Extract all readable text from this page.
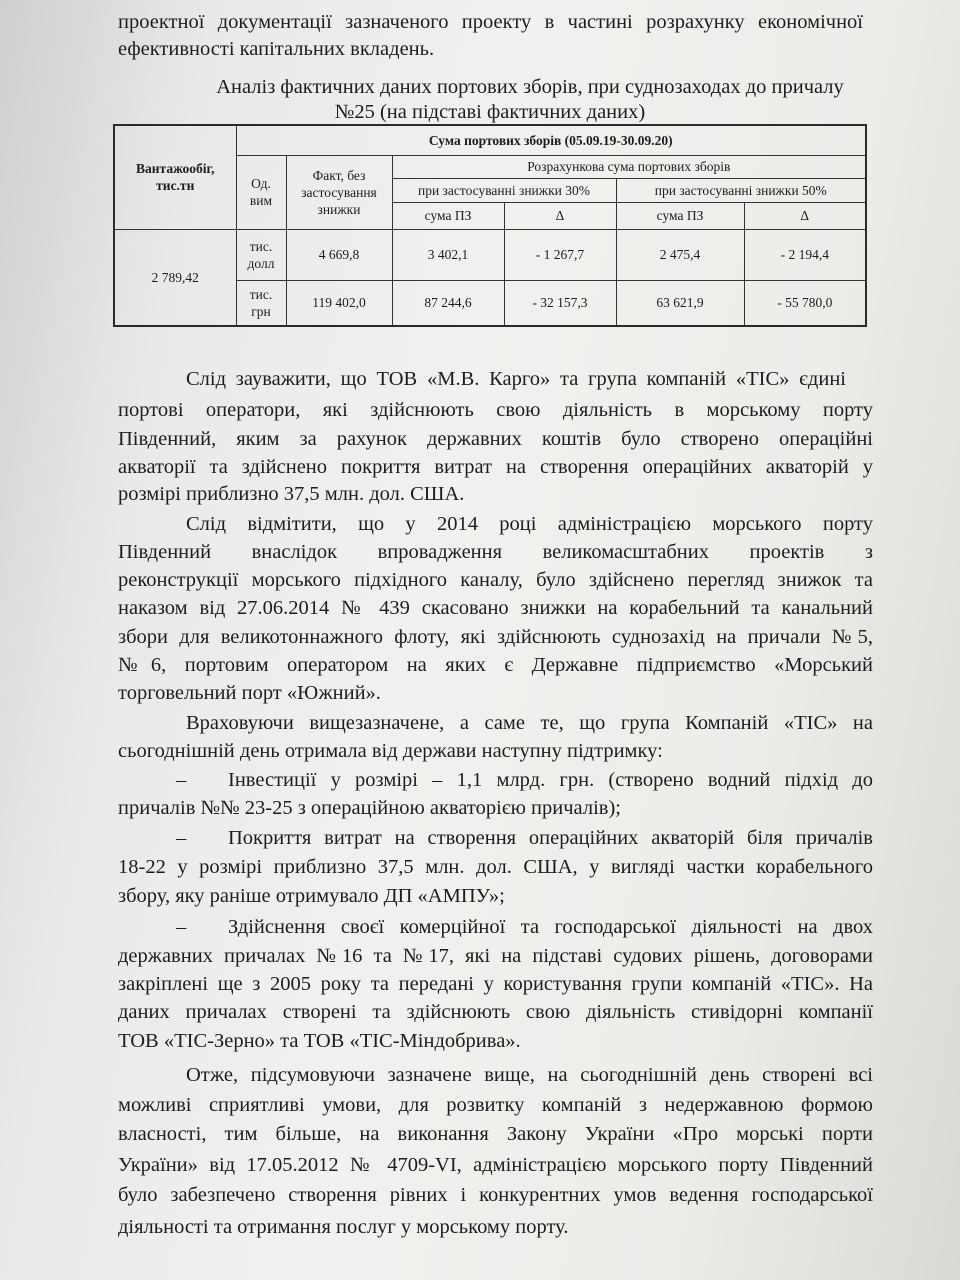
проектної документації зазначеного проекту в частині розрахунку економічної
ефективності капітальних вкладень.
Аналіз фактичних даних портових зборів, при суднозаходах до причалу
№25 (на підставі фактичних даних)
Вантажообіг, тис.тн	Сума портових зборів (05.09.19-30.09.20)					
	Од. вим	Факт, без застосування знижки	Розрахункова сума портових зборів			
			при застосуванні знижки 30%		при застосуванні знижки 50%	
			сума ПЗ	Δ	сума ПЗ	Δ
2 789,42	тис. долл	4 669,8	3 402,1	- 1 267,7	2 475,4	- 2 194,4
	тис. грн	119 402,0	87 244,6	- 32 157,3	63 621,9	- 55 780,0
Слід зауважити, що ТОВ «М.В. Карго» та група компаній «ТІС» єдині
портові оператори, які здійснюють свою діяльність в морському порту
Південний, яким за рахунок державних коштів було створено операційні
акваторії та здійснено покриття витрат на створення операційних акваторій у
розмірі приблизно 37,5 млн. дол. США.
Слід відмітити, що у 2014 році адміністрацією морського порту
Південний внаслідок впровадження великомасштабних проектів з
реконструкції морського підхідного каналу, було здійснено перегляд знижок та
наказом від 27.06.2014 № 439 скасовано знижки на корабельний та канальний
збори для великотоннажного флоту, які здійснюють суднозахід на причали №5,
№6, портовим оператором на яких є Державне підприємство «Морський
торговельний порт «Южний».
Враховуючи вищезазначене, а саме те, що група Компаній «ТІС» на
сьогоднішній день отримала від держави наступну підтримку:
– Інвестиції у розмірі – 1,1 млрд. грн. (створено водний підхід до
причалів №№ 23-25 з операційною акваторією причалів);
– Покриття витрат на створення операційних акваторій біля причалів
18-22 у розмірі приблизно 37,5 млн. дол. США, у вигляді частки корабельного
збору, яку раніше отримувало ДП «АМПУ»;
– Здійснення своєї комерційної та господарської діяльності на двох
державних причалах №16 та №17, які на підставі судових рішень, договорами
закріплені ще з 2005 року та передані у користування групи компаній «ТІС». На
даних причалах створені та здійснюють свою діяльність стивідорні компанії
ТОВ «ТІС-Зерно» та ТОВ «ТІС-Міндобрива».
Отже, підсумовуючи зазначене вище, на сьогоднішній день створені всі
можливі сприятливі умови, для розвитку компаній з недержавною формою
власності, тим більше, на виконання Закону України «Про морські порти
України» від 17.05.2012 № 4709-VI, адміністрацією морського порту Південний
було забезпечено створення рівних і конкурентних умов ведення господарської
діяльності та отримання послуг у морському порту.
